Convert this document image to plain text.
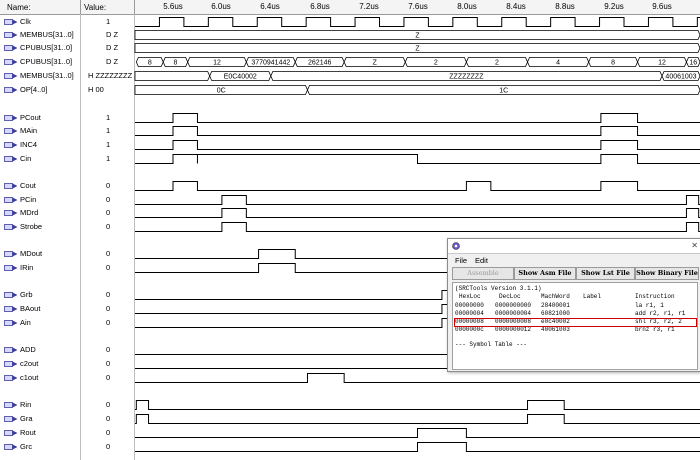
Name:	Value:	5.6us	6.0us	6.4us	6.8us	7.2us	7.6us	8.0us	8.4us	8.8us	9.2us	9.6us
Clk	1
MEMBUS[31..0]	D Z
CPUBUS[31..0]	D Z
CPUBUS[31..0]	D Z
MEMBUS[31..0] H ZZZZZZZZ
OP[4..0]	H 00
PCout	1
MAin	1
INC4	1
Cin	1
Cout	0
PCin	0
MDrd	0
Strobe	0
MDout	0
IRin	0
Grb	0
BAout	0
Ain	0
ADD	0
c2out	0
c1out	0
Rin	0
Gra	0
Rout	0
Grc	0
Z
Z
8	8	12	3770941442	262146	Z	2	2	4	8	12	16
E0C40002	ZZZZZZZZ	40061003
0C	1C
✕
File Edit
Assemble	Show Asm File	Show Lst File Show Binary File
(SRCTools Version 3.1.1)
HexLoc	DecLoc	MachWord Label	Instruction
00000000 0000000000 28400001	la r1, 1
00000004 0000000004 60821000	add r2, r1, r1
00000008 0000000008 e0c40002	shl r3, r2, 2
0000000c 0000000012 40061003	brnz r3, r1
--- Symbol Table ---
